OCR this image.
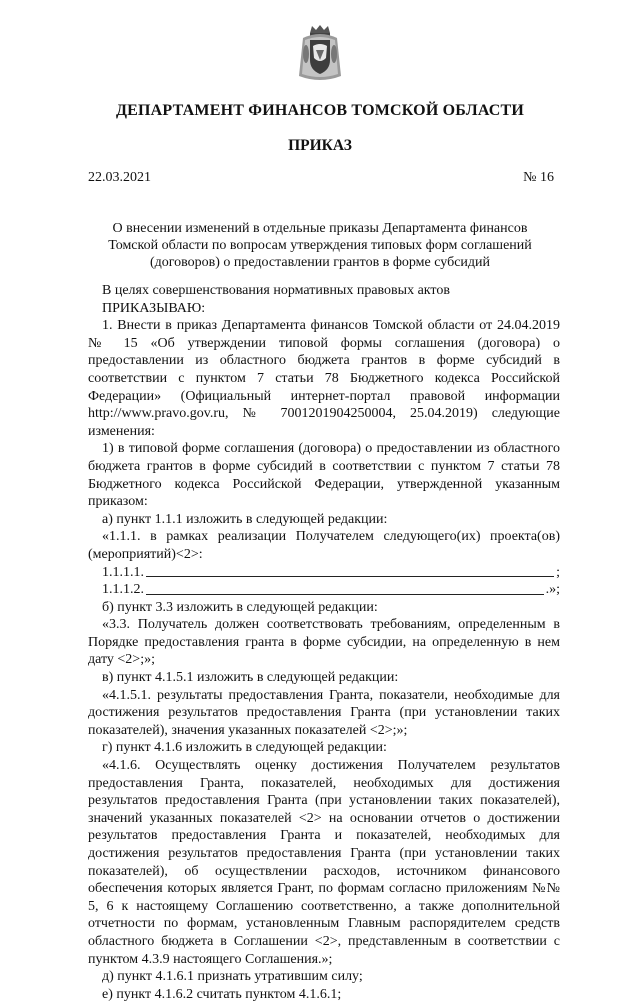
ДЕПАРТАМЕНТ ФИНАНСОВ ТОМСКОЙ ОБЛАСТИ
ПРИКАЗ
22.03.2021	№ 16
О внесении изменений в отдельные приказы Департамента финансов Томской области по вопросам утверждения типовых форм соглашений (договоров) о предоставлении грантов в форме субсидий

В целях совершенствования нормативных правовых актов

ПРИКАЗЫВАЮ:

1. Внести в приказ Департамента финансов Томской области от 24.04.2019 № 15 «Об утверждении типовой формы соглашения (договора) о предоставлении из областного бюджета грантов в форме субсидий в соответствии с пунктом 7 статьи 78 Бюджетного кодекса Российской Федерации» (Официальный интернет-портал правовой информации http://www.pravo.gov.ru, № 7001201904250004, 25.04.2019) следующие изменения:

1) в типовой форме соглашения (договора) о предоставлении из областного бюджета грантов в форме субсидий в соответствии с пунктом 7 статьи 78 Бюджетного кодекса Российской Федерации, утвержденной указанным приказом:

а) пункт 1.1.1 изложить в следующей редакции:

«1.1.1. в рамках реализации Получателем следующего(их) проекта(ов) (мероприятий)<2>:

1.1.1.1.	;

1.1.1.2.	.»;

б) пункт 3.3 изложить в следующей редакции:

«3.3. Получатель должен соответствовать требованиям, определенным в Порядке предоставления гранта в форме субсидии, на определенную в нем дату <2>;»;

в) пункт 4.1.5.1 изложить в следующей редакции:

«4.1.5.1. результаты предоставления Гранта, показатели, необходимые для достижения результатов предоставления Гранта (при установлении таких показателей), значения указанных показателей <2>;»;

г) пункт 4.1.6 изложить в следующей редакции:

«4.1.6. Осуществлять оценку достижения Получателем результатов предоставления Гранта, показателей, необходимых для достижения результатов предоставления Гранта (при установлении таких показателей), значений указанных показателей <2> на основании отчетов о достижении результатов предоставления Гранта и показателей, необходимых для достижения результатов предоставления Гранта (при установлении таких показателей), об осуществлении расходов, источником финансового обеспечения которых является Грант, по формам согласно приложениям №№ 5, 6 к настоящему Соглашению соответственно, а также дополнительной отчетности по формам, установленным Главным распорядителем средств областного бюджета в Соглашении <2>, представленным в соответствии с пунктом 4.3.9 настоящего Соглашения.»;

д) пункт 4.1.6.1 признать утратившим силу;

е) пункт 4.1.6.2 считать пунктом 4.1.6.1;
